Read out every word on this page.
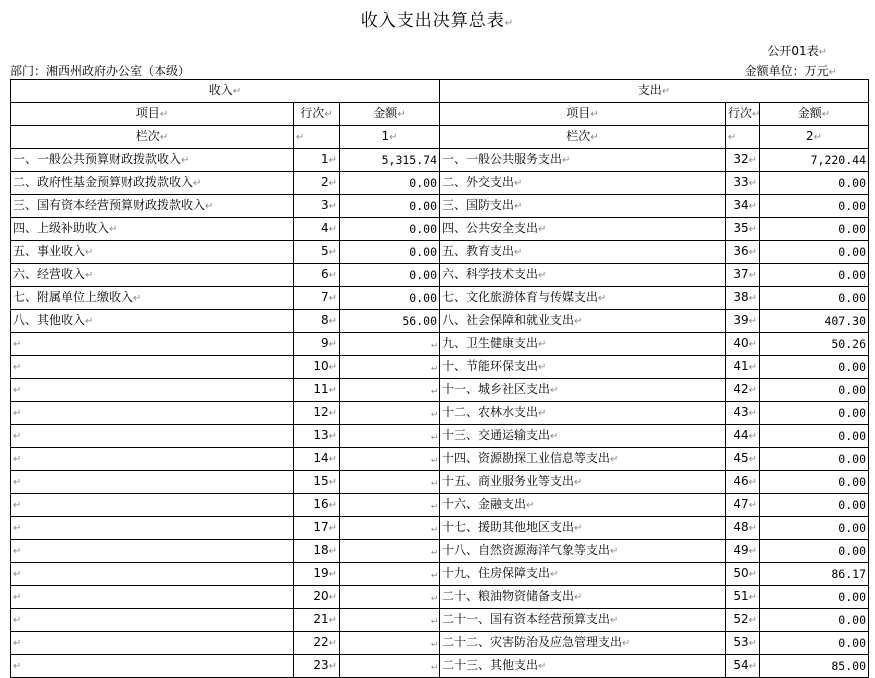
收入支出决算总表↵
公开01表↵
部门：湘西州政府办公室（本级）	金额单位：万元↵
收入↵			支出↵		
项目↵	行次↵	金额↵	项目↵	行次↵	金额↵
栏次↵	↵	1↵	栏次↵	↵	2↵
一、一般公共预算财政拨款收入↵	1↵	5,315.74	一、一般公共服务支出↵	32↵	7,220.44
二、政府性基金预算财政拨款收入↵	2↵	0.00	二、外交支出↵	33↵	0.00
三、国有资本经营预算财政拨款收入↵	3↵	0.00	三、国防支出↵	34↵	0.00
四、上级补助收入↵	4↵	0.00	四、公共安全支出↵	35↵	0.00
五、事业收入↵	5↵	0.00	五、教育支出↵	36↵	0.00
六、经营收入↵	6↵	0.00	六、科学技术支出↵	37↵	0.00
七、附属单位上缴收入↵	7↵	0.00	七、文化旅游体育与传媒支出↵	38↵	0.00
八、其他收入↵	8↵	56.00	八、社会保障和就业支出↵	39↵	407.30
↵	9↵	↵	九、卫生健康支出↵	40↵	50.26
↵	10↵	↵	十、节能环保支出↵	41↵	0.00
↵	11↵	↵	十一、城乡社区支出↵	42↵	0.00
↵	12↵	↵	十二、农林水支出↵	43↵	0.00
↵	13↵	↵	十三、交通运输支出↵	44↵	0.00
↵	14↵	↵	十四、资源勘探工业信息等支出↵	45↵	0.00
↵	15↵	↵	十五、商业服务业等支出↵	46↵	0.00
↵	16↵	↵	十六、金融支出↵	47↵	0.00
↵	17↵	↵	十七、援助其他地区支出↵	48↵	0.00
↵	18↵	↵	十八、自然资源海洋气象等支出↵	49↵	0.00
↵	19↵	↵	十九、住房保障支出↵	50↵	86.17
↵	20↵	↵	二十、粮油物资储备支出↵	51↵	0.00
↵	21↵	↵	二十一、国有资本经营预算支出↵	52↵	0.00
↵	22↵	↵	二十二、灾害防治及应急管理支出↵	53↵	0.00
↵	23↵	↵	二十三、其他支出↵	54↵	85.00
